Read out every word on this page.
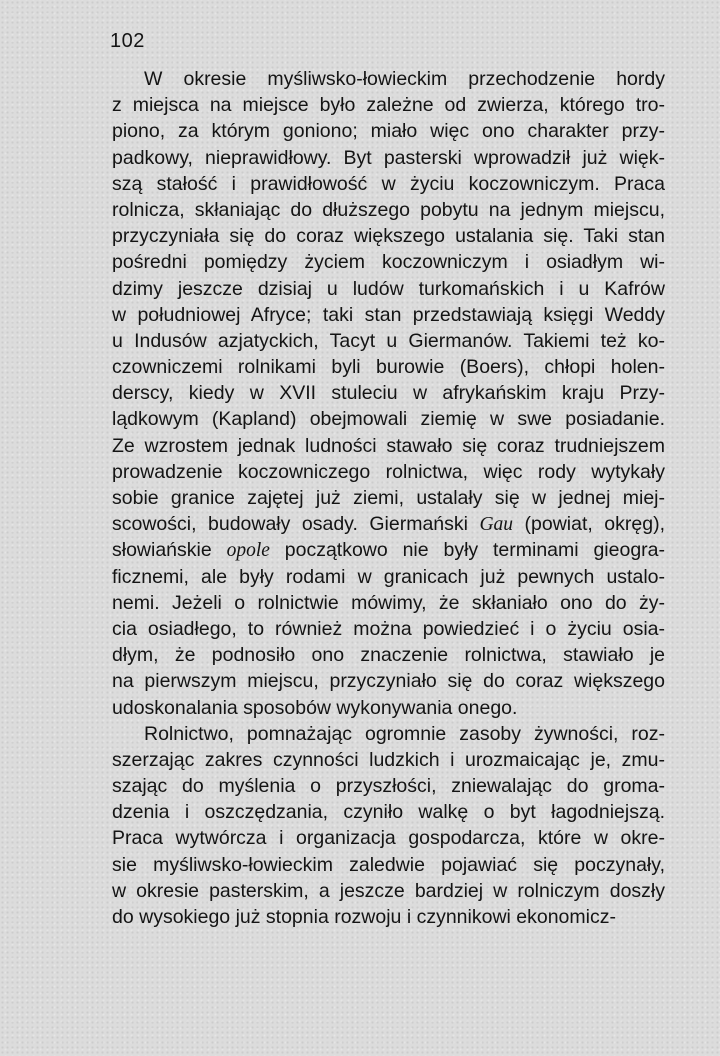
102
W okresie myśliwsko-łowieckim przechodzenie hordy
z miejsca na miejsce było zależne od zwierza, którego tro-
piono, za którym goniono; miało więc ono charakter przy-
padkowy, nieprawidłowy. Byt pasterski wprowadził już więk-
szą stałość i prawidłowość w życiu koczowniczym. Praca
rolnicza, skłaniając do dłuższego pobytu na jednym miejscu,
przyczyniała się do coraz większego ustalania się. Taki stan
pośredni pomiędzy życiem koczowniczym i osiadłym wi-
dzimy jeszcze dzisiaj u ludów turkomańskich i u Kafrów
w południowej Afryce; taki stan przedstawiają księgi Weddy
u Indusów azjatyckich, Tacyt u Giermanów. Takiemi też ko-
czowniczemi rolnikami byli burowie (Boers), chłopi holen-
derscy, kiedy w XVII stuleciu w afrykańskim kraju Przy-
lądkowym (Kapland) obejmowali ziemię w swe posiadanie.
Ze wzrostem jednak ludności stawało się coraz trudniejszem
prowadzenie koczowniczego rolnictwa, więc rody wytykały
sobie granice zajętej już ziemi, ustalały się w jednej miej-
scowości, budowały osady. Giermański Gau (powiat, okręg),
słowiańskie opole początkowo nie były terminami gieogra-
ficznemi, ale były rodami w granicach już pewnych ustalo-
nemi. Jeżeli o rolnictwie mówimy, że skłaniało ono do ży-
cia osiadłego, to również można powiedzieć i o życiu osia-
dłym, że podnosiło ono znaczenie rolnictwa, stawiało je
na pierwszym miejscu, przyczyniało się do coraz większego
udoskonalania sposobów wykonywania onego.
Rolnictwo, pomnażając ogromnie zasoby żywności, roz-
szerzając zakres czynności ludzkich i urozmaicając je, zmu-
szając do myślenia o przyszłości, zniewalając do groma-
dzenia i oszczędzania, czyniło walkę o byt łagodniejszą.
Praca wytwórcza i organizacja gospodarcza, które w okre-
sie myśliwsko-łowieckim zaledwie pojawiać się poczynały,
w okresie pasterskim, a jeszcze bardziej w rolniczym doszły
do wysokiego już stopnia rozwoju i czynnikowi ekonomicz-
